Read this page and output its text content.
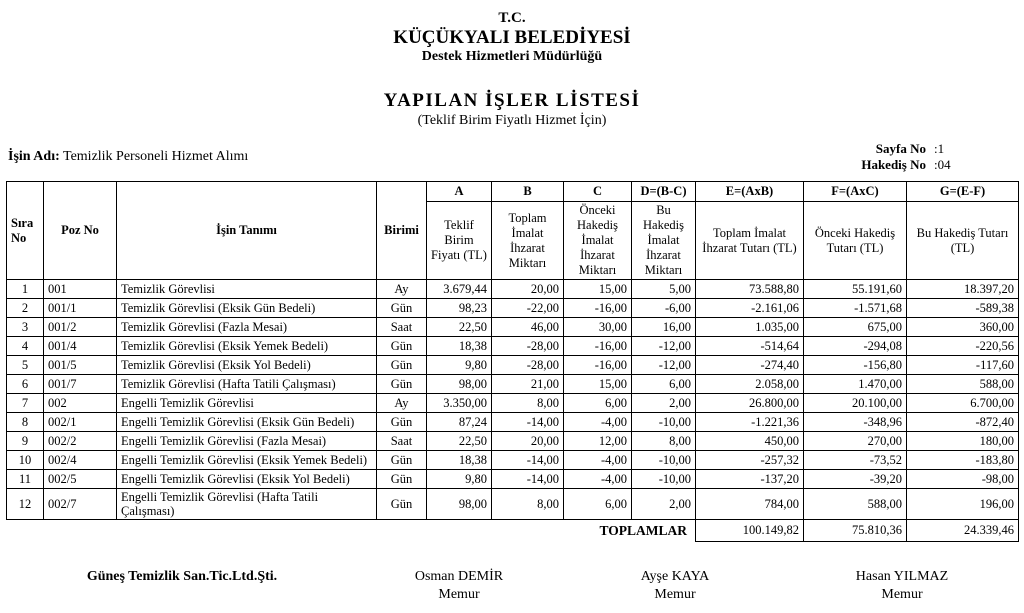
T.C.
KÜÇÜKYALI BELEDİYESİ
Destek Hizmetleri Müdürlüğü
YAPILAN İŞLER LİSTESİ
(Teklif Birim Fiyatlı Hizmet İçin)
İşin Adı: Temizlik Personeli Hizmet Alımı
Sayfa No :1
Hakediş No :04
Sıra No	Poz No	İşin Tanımı	Birimi	A	B	C	D=(B-C)	E=(AxB)	F=(AxC)	G=(E-F)
				Teklif Birim Fiyatı (TL)	Toplam İmalat İhzarat Miktarı	Önceki Hakediş İmalat İhzarat Miktarı	Bu Hakediş İmalat İhzarat Miktarı	Toplam İmalat İhzarat Tutarı (TL)	Önceki Hakediş Tutarı (TL)	Bu Hakediş Tutarı (TL)
1	001	Temizlik Görevlisi	Ay	3.679,44	20,00	15,00	5,00	73.588,80	55.191,60	18.397,20
2	001/1	Temizlik Görevlisi (Eksik Gün Bedeli)	Gün	98,23	-22,00	-16,00	-6,00	-2.161,06	-1.571,68	-589,38
3	001/2	Temizlik Görevlisi (Fazla Mesai)	Saat	22,50	46,00	30,00	16,00	1.035,00	675,00	360,00
4	001/4	Temizlik Görevlisi (Eksik Yemek Bedeli)	Gün	18,38	-28,00	-16,00	-12,00	-514,64	-294,08	-220,56
5	001/5	Temizlik Görevlisi (Eksik Yol Bedeli)	Gün	9,80	-28,00	-16,00	-12,00	-274,40	-156,80	-117,60
6	001/7	Temizlik Görevlisi (Hafta Tatili Çalışması)	Gün	98,00	21,00	15,00	6,00	2.058,00	1.470,00	588,00
7	002	Engelli Temizlik Görevlisi	Ay	3.350,00	8,00	6,00	2,00	26.800,00	20.100,00	6.700,00
8	002/1	Engelli Temizlik Görevlisi (Eksik Gün Bedeli)	Gün	87,24	-14,00	-4,00	-10,00	-1.221,36	-348,96	-872,40
9	002/2	Engelli Temizlik Görevlisi (Fazla Mesai)	Saat	22,50	20,00	12,00	8,00	450,00	270,00	180,00
10	002/4	Engelli Temizlik Görevlisi (Eksik Yemek Bedeli)	Gün	18,38	-14,00	-4,00	-10,00	-257,32	-73,52	-183,80
11	002/5	Engelli Temizlik Görevlisi (Eksik Yol Bedeli)	Gün	9,80	-14,00	-4,00	-10,00	-137,20	-39,20	-98,00
12	002/7	Engelli Temizlik Görevlisi (Hafta Tatili Çalışması)	Gün	98,00	8,00	6,00	2,00	784,00	588,00	196,00
TOPLAMLAR								100.149,82	75.810,36	24.339,46
Güneş Temizlik San.Tic.Ltd.Şti.	Osman DEMİR
Memur
Ayşe KAYA
Memur
Hasan YILMAZ
Memur
